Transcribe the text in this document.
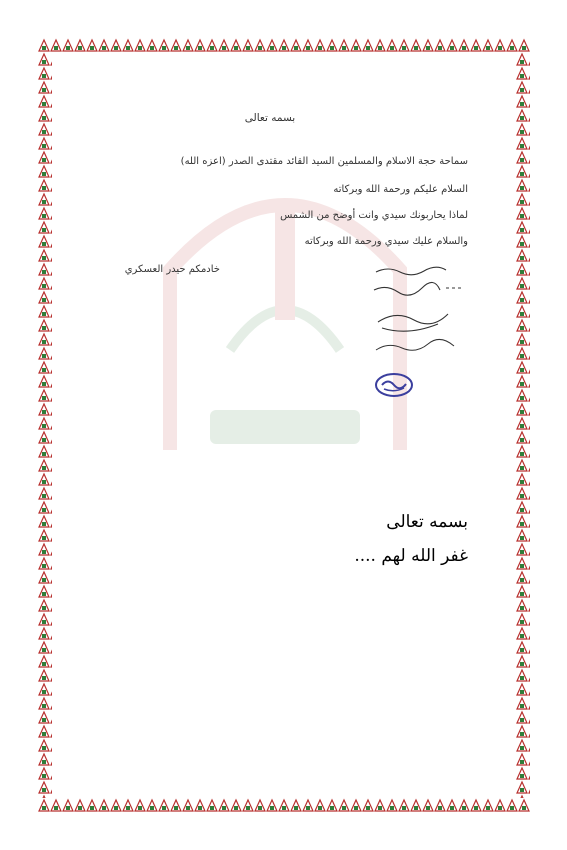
بسمه تعالى
سماحة حجة الاسلام والمسلمين السيد القائد مقتدى الصدر (اعزه الله)
السلام عليكم ورحمة الله وبركاته
لماذا يحاربونك سيدي وانت أوضح من الشمس
والسلام عليك سيدي ورحمة الله وبركاته
خادمكم حيدر العسكري
بسمه تعالى
غفر الله لهم ....
